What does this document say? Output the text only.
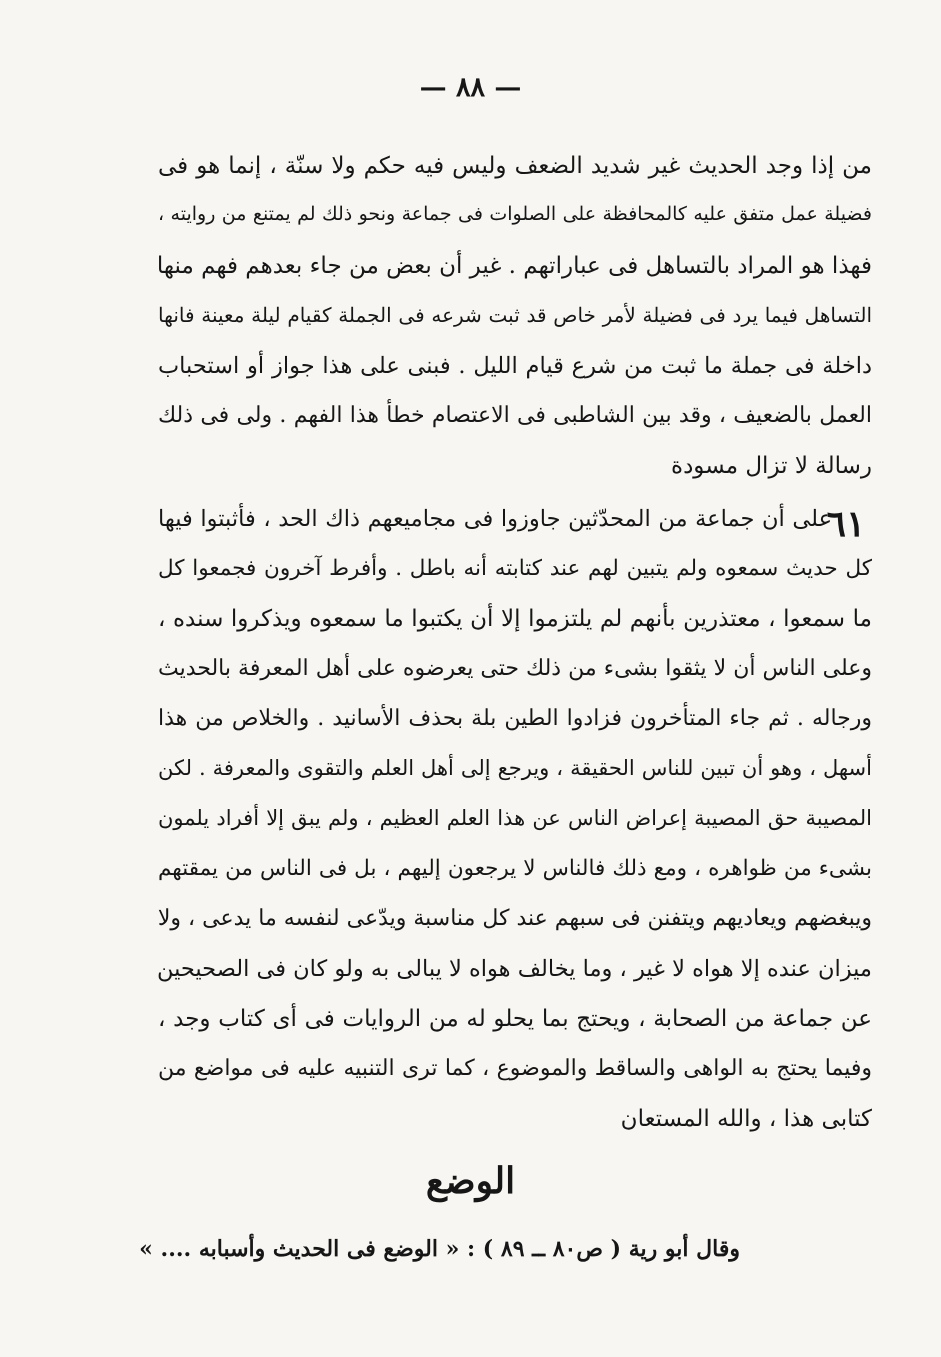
— ٨٨ —
من إذا وجد الحديث غير شديد الضعف وليس فيه حكم ولا سنّة ، إنما هو فى
فضيلة عمل متفق عليه كالمحافظة على الصلوات فى جماعة ونحو ذلك لم يمتنع من روايته ،
فهذا هو المراد بالتساهل فى عباراتهم . غير أن بعض من جاء بعدهم فهم منها
التساهل فيما يرد فى فضيلة لأمر خاص قد ثبت شرعه فى الجملة كقيام ليلة معينة فانها
داخلة فى جملة ما ثبت من شرع قيام الليل . فبنى على هذا جواز أو استحباب
العمل بالضعيف ، وقد بين الشاطبى فى الاعتصام خطأ هذا الفهم . ولى فى ذلك
رسالة لا تزال مسودة
٦١
على أن جماعة من المحدّثين جاوزوا فى مجاميعهم ذاك الحد ، فأثبتوا فيها
كل حديث سمعوه ولم يتبين لهم عند كتابته أنه باطل . وأفرط آخرون فجمعوا كل
ما سمعوا ، معتذرين بأنهم لم يلتزموا إلا أن يكتبوا ما سمعوه ويذكروا سنده ،
وعلى الناس أن لا يثقوا بشىء من ذلك حتى يعرضوه على أهل المعرفة بالحديث
ورجاله . ثم جاء المتأخرون فزادوا الطين بلة بحذف الأسانيد . والخلاص من هذا
أسهل ، وهو أن تبين للناس الحقيقة ، ويرجع إلى أهل العلم والتقوى والمعرفة . لكن
المصيبة حق المصيبة إعراض الناس عن هذا العلم العظيم ، ولم يبق إلا أفراد يلمون
بشىء من ظواهره ، ومع ذلك فالناس لا يرجعون إليهم ، بل فى الناس من يمقتهم
ويبغضهم ويعاديهم ويتفنن فى سبهم عند كل مناسبة ويدّعى لنفسه ما يدعى ، ولا
ميزان عنده إلا هواه لا غير ، وما يخالف هواه لا يبالى به ولو كان فى الصحيحين
عن جماعة من الصحابة ، ويحتج بما يحلو له من الروايات فى أى كتاب وجد ،
وفيما يحتج به الواهى والساقط والموضوع ، كما ترى التنبيه عليه فى مواضع من
كتابى هذا ، والله المستعان
الوضع
وقال أبو رية ( ص٨٠ ــ ٨٩ ) : « الوضع فى الحديث وأسبابه .... »
